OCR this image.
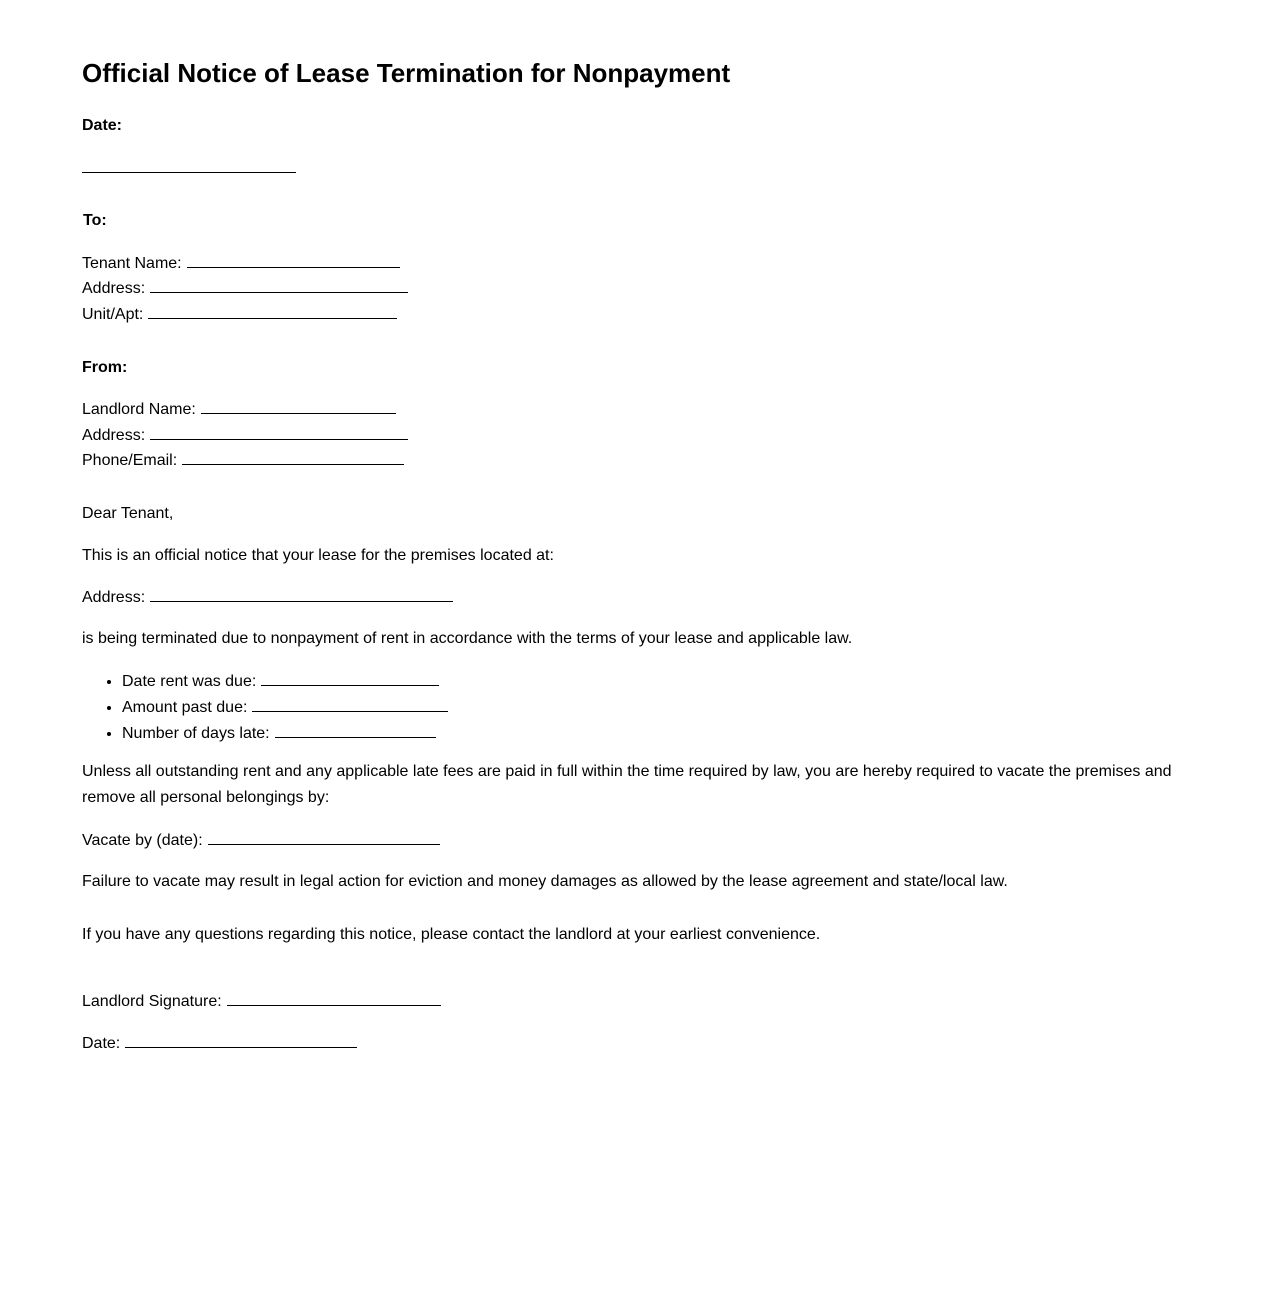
Official Notice of Lease Termination for Nonpayment
Date:
To:
Tenant Name:
Address:
Unit/Apt:
From:
Landlord Name:
Address:
Phone/Email:
Dear Tenant,
This is an official notice that your lease for the premises located at:
Address:
is being terminated due to nonpayment of rent in accordance with the terms of your lease and applicable law.
• Date rent was due:
• Amount past due:
• Number of days late:
Unless all outstanding rent and any applicable late fees are paid in full within the time required by law, you are hereby required to vacate the premises and remove all personal belongings by:
Vacate by (date):
Failure to vacate may result in legal action for eviction and money damages as allowed by the lease agreement and state/local law.
If you have any questions regarding this notice, please contact the landlord at your earliest convenience.
Landlord Signature:
Date:
